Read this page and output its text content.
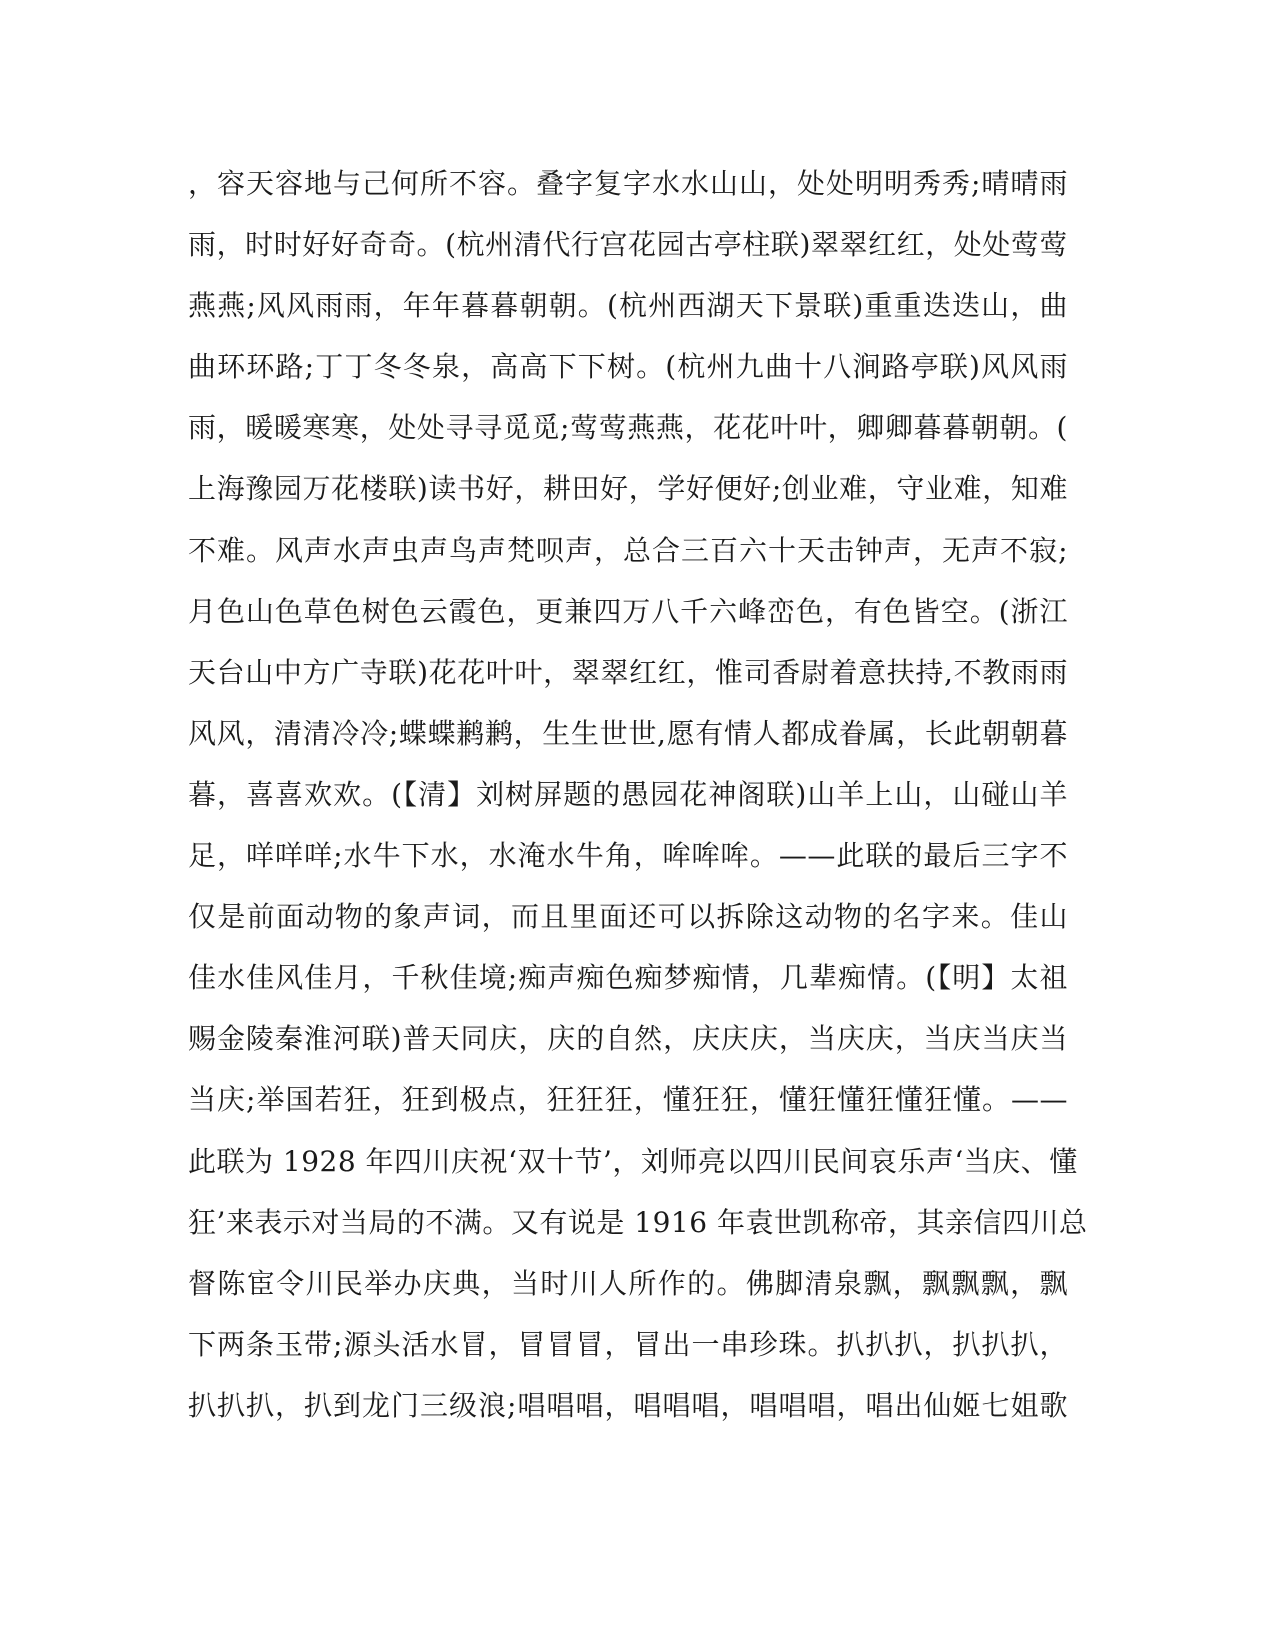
，容天容地与己何所不容。叠字复字水水山山，处处明明秀秀;晴晴雨
雨，时时好好奇奇。(杭州清代行宫花园古亭柱联)翠翠红红，处处莺莺
燕燕;风风雨雨，年年暮暮朝朝。(杭州西湖天下景联)重重迭迭山，曲
曲环环路;丁丁冬冬泉，高高下下树。(杭州九曲十八涧路亭联)风风雨
雨，暖暖寒寒，处处寻寻觅觅;莺莺燕燕，花花叶叶，卿卿暮暮朝朝。(
上海豫园万花楼联)读书好，耕田好，学好便好;创业难，守业难，知难
不难。风声水声虫声鸟声梵呗声，总合三百六十天击钟声，无声不寂;
月色山色草色树色云霞色，更兼四万八千六峰峦色，有色皆空。(浙江
天台山中方广寺联)花花叶叶，翠翠红红，惟司香尉着意扶持,不教雨雨
风风，清清冷冷;蝶蝶鹣鹣，生生世世,愿有情人都成眷属，长此朝朝暮
暮，喜喜欢欢。(【清】刘树屏题的愚园花神阁联)山羊上山，山碰山羊
足，咩咩咩;水牛下水，水淹水牛角，哞哞哞。——此联的最后三字不
仅是前面动物的象声词，而且里面还可以拆除这动物的名字来。佳山
佳水佳风佳月，千秋佳境;痴声痴色痴梦痴情，几辈痴情。(【明】太祖
赐金陵秦淮河联)普天同庆，庆的自然，庆庆庆，当庆庆，当庆当庆当
当庆;举国若狂，狂到极点，狂狂狂，懂狂狂，懂狂懂狂懂狂懂。——
此联为 1928 年四川庆祝‘双十节’，刘师亮以四川民间哀乐声‘当庆、懂
狂’来表示对当局的不满。又有说是 1916 年袁世凯称帝，其亲信四川总
督陈宦令川民举办庆典，当时川人所作的。佛脚清泉飘，飘飘飘，飘
下两条玉带;源头活水冒，冒冒冒，冒出一串珍珠。扒扒扒，扒扒扒，
扒扒扒，扒到龙门三级浪;唱唱唱，唱唱唱，唱唱唱，唱出仙姬七姐歌
